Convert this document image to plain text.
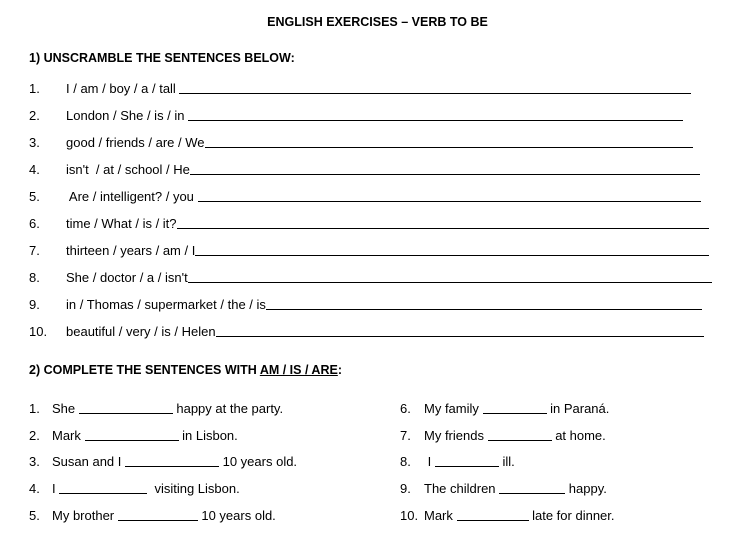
ENGLISH EXERCISES – VERB TO BE
1) UNSCRAMBLE THE SENTENCES BELOW:
1.	I / am / boy / a / tall
2.	London / She / is / in
3.	good / friends / are / We
4.	isn't  / at / school / He
5.	Are / intelligent? / you
6.	time / What / is / it?
7.	thirteen / years / am / I
8.	She / doctor / a / isn't
9.	in / Thomas / supermarket / the / is
10.	beautiful / very / is / Helen
2) COMPLETE THE SENTENCES WITH AM / IS / ARE:
1. She	happy at the party.
2. Mark	in Lisbon.
3. Susan and I	10 years old.
4. I	visiting Lisbon.
5. My brother	10 years old.
6.	My family	in Paraná.
7.	My friends	at home.
8.	I	ill.
9.	The children	happy.
10. Mark	late for dinner.
